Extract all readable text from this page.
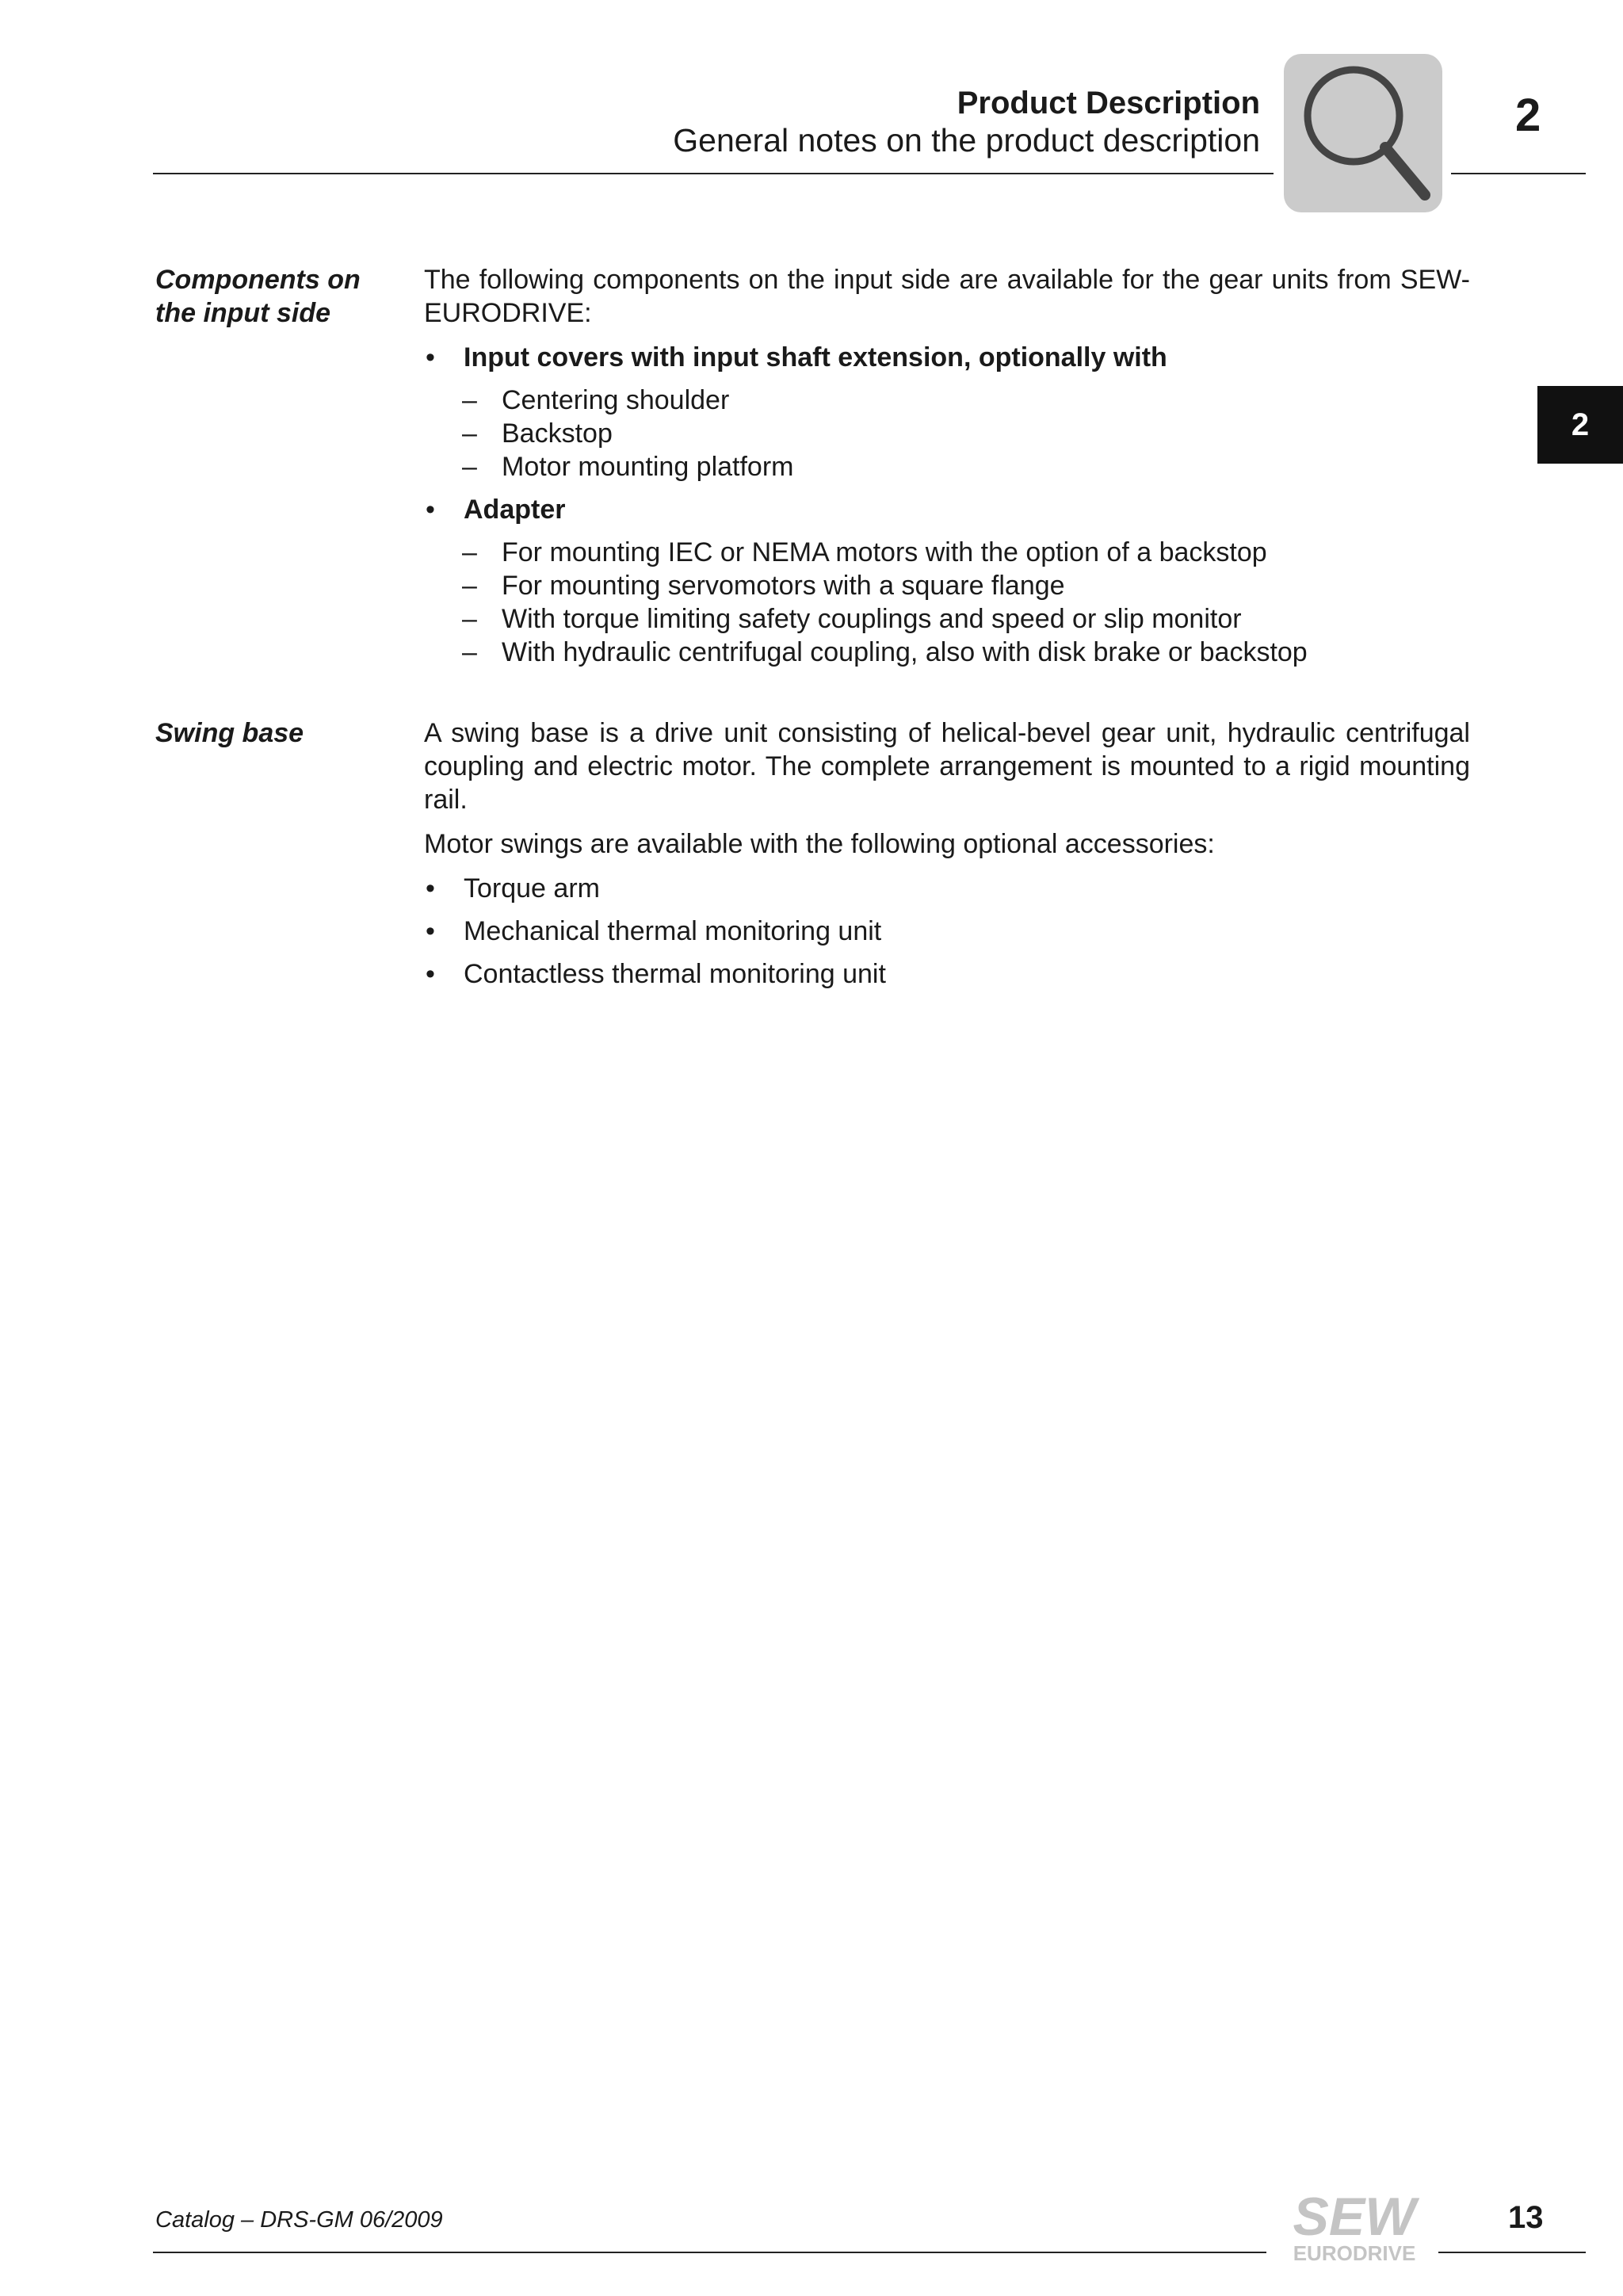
Product Description
General notes on the product description	2
2
Components on
the input side

The following components on the input side are available for the gear units from SEW-EURODRIVE:

• Input covers with input shaft extension, optionally with
– Centering shoulder
– Backstop
– Motor mounting platform
• Adapter
– For mounting IEC or NEMA motors with the option of a backstop
– For mounting servomotors with a square flange
– With torque limiting safety couplings and speed or slip monitor
– With hydraulic centrifugal coupling, also with disk brake or backstop
Swing base	A swing base is a drive unit consisting of helical-bevel gear unit, hydraulic centrifugal coupling and electric motor. The complete arrangement is mounted to a rigid mounting rail.

Motor swings are available with the following optional accessories:

• Torque arm
• Mechanical thermal monitoring unit
• Contactless thermal monitoring unit
Catalog – DRS-GM 06/2009	SEW
EURODRIVE
13
